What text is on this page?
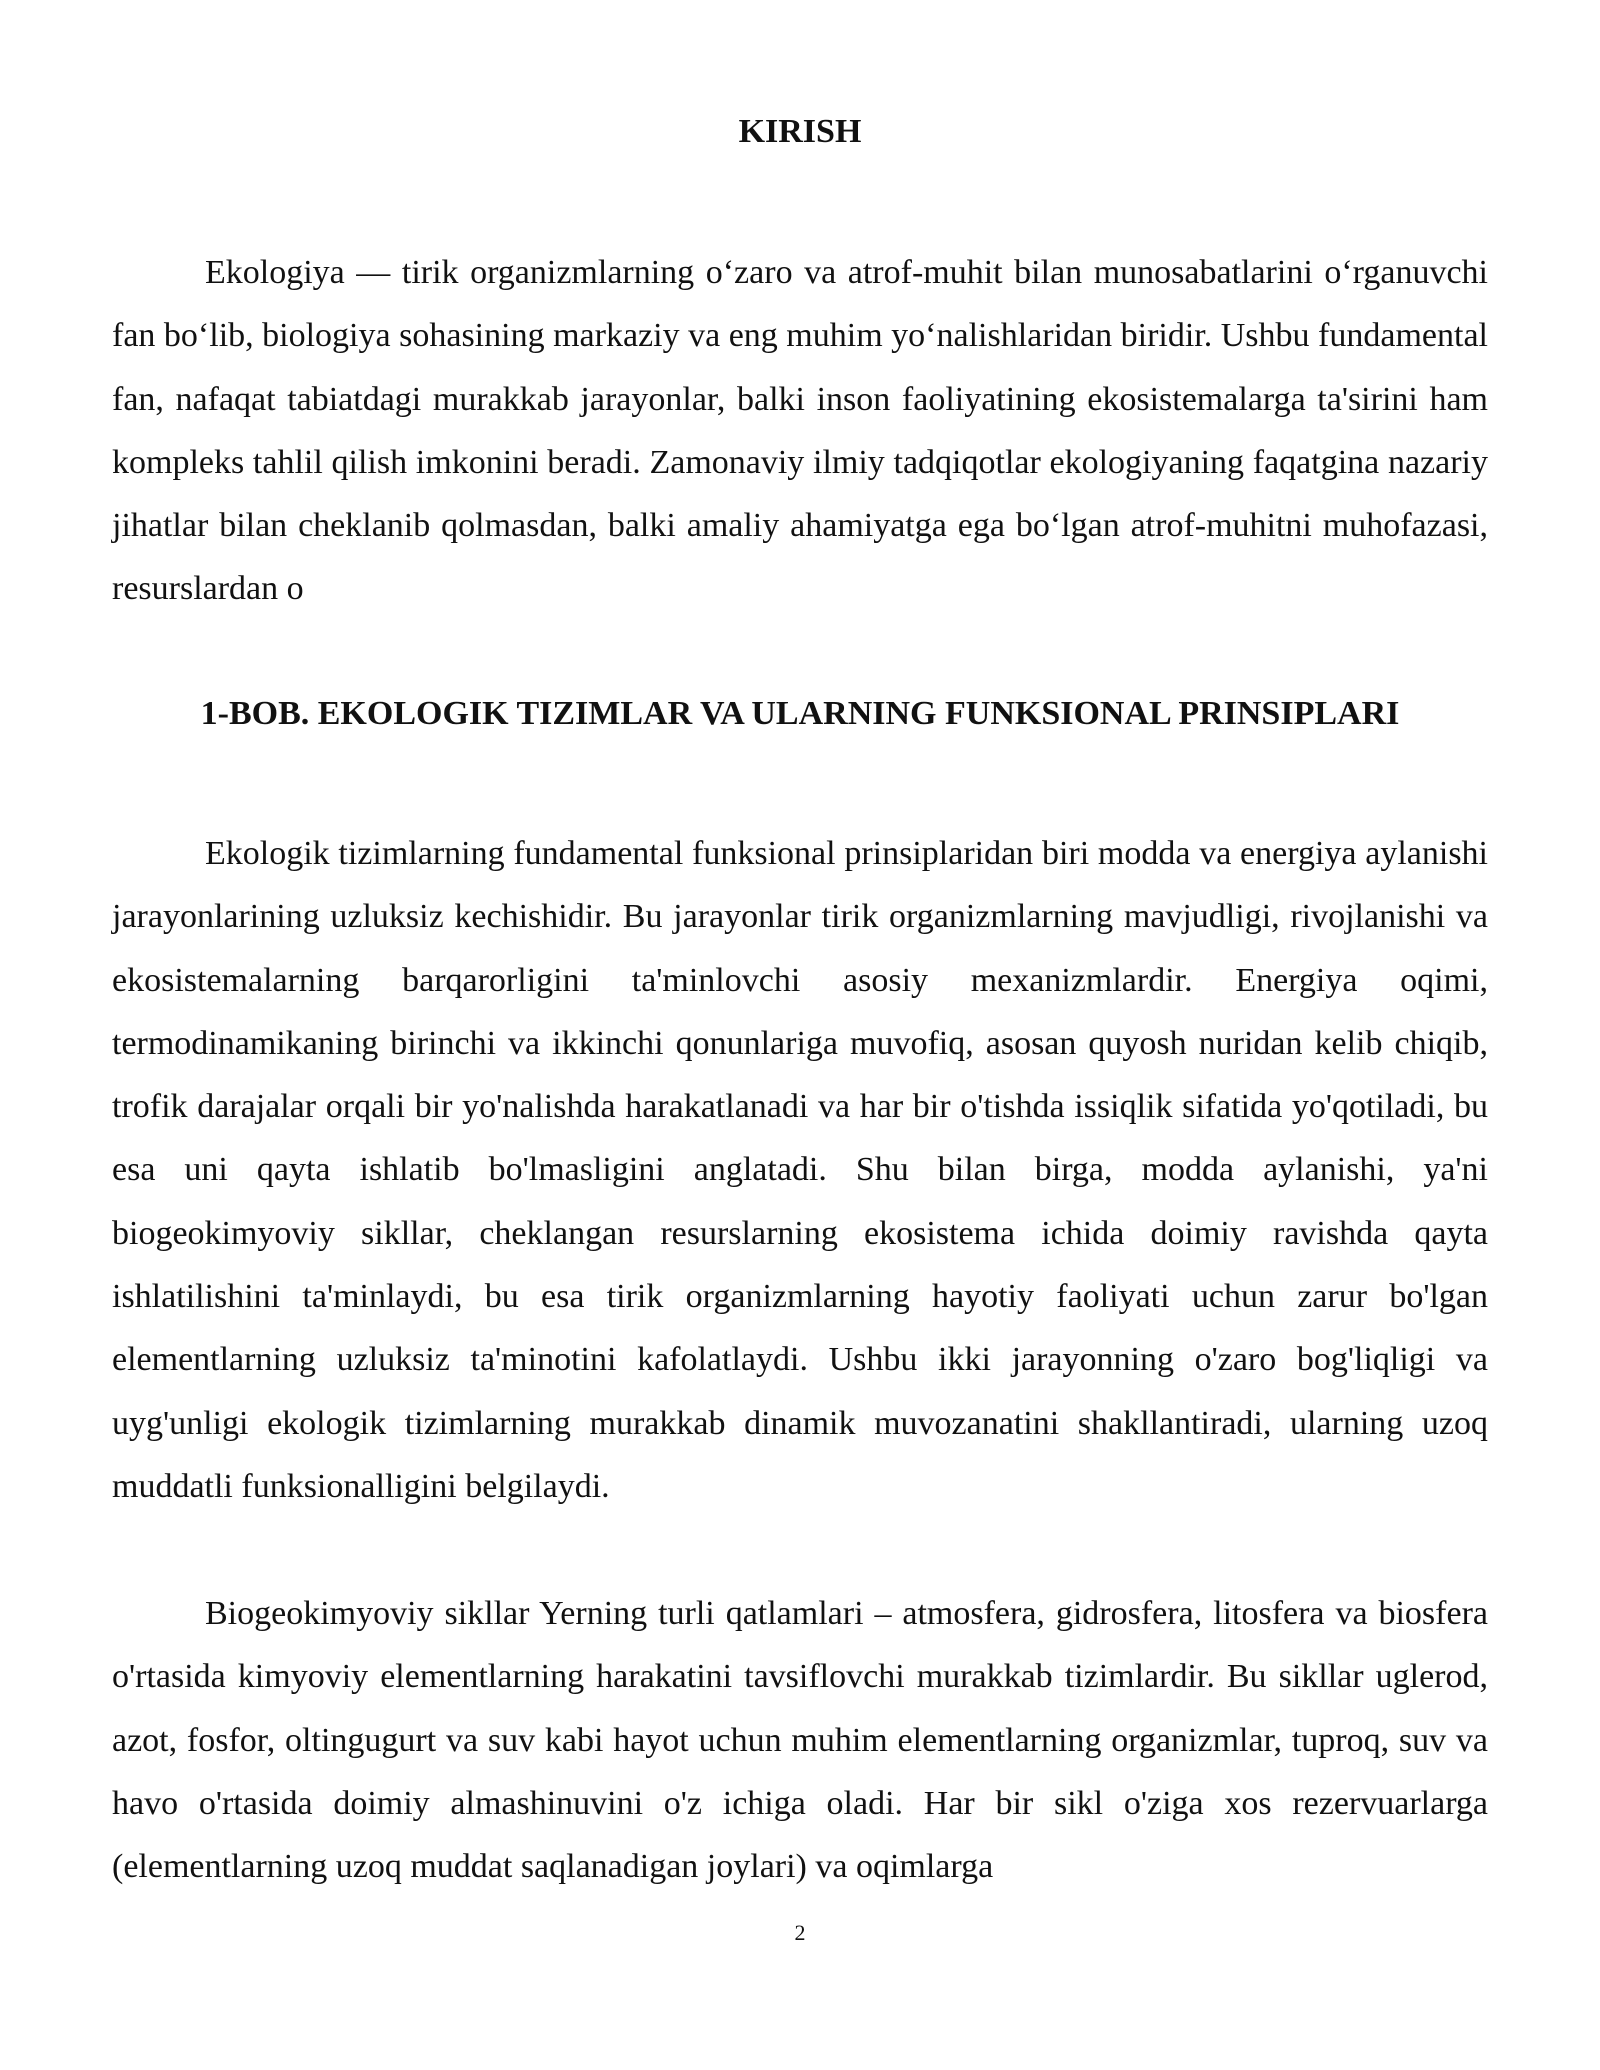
KIRISH

Ekologiya — tirik organizmlarning o‘zaro va atrof-muhit bilan munosabatlarini o‘rganuvchi fan bo‘lib, biologiya sohasining markaziy va eng muhim yo‘nalishlaridan biridir. Ushbu fundamental fan, nafaqat tabiatdagi murakkab jarayonlar, balki inson faoliyatining ekosistemalarga ta'sirini ham kompleks tahlil qilish imkonini beradi. Zamonaviy ilmiy tadqiqotlar ekologiyaning faqatgina nazariy jihatlar bilan cheklanib qolmasdan, balki amaliy ahamiyatga ega bo‘lgan atrof-muhitni muhofazasi, resurslardan o

1-BOB. EKOLOGIK TIZIMLAR VA ULARNING FUNKSIONAL PRINSIPLARI

Ekologik tizimlarning fundamental funksional prinsiplaridan biri modda va energiya aylanishi jarayonlarining uzluksiz kechishidir. Bu jarayonlar tirik organizmlarning mavjudligi, rivojlanishi va ekosistemalarning barqarorligini ta'minlovchi asosiy mexanizmlardir. Energiya oqimi, termodinamikaning birinchi va ikkinchi qonunlariga muvofiq, asosan quyosh nuridan kelib chiqib, trofik darajalar orqali bir yo'nalishda harakatlanadi va har bir o'tishda issiqlik sifatida yo'qotiladi, bu esa uni qayta ishlatib bo'lmasligini anglatadi. Shu bilan birga, modda aylanishi, ya'ni biogeokimyoviy sikllar, cheklangan resurslarning ekosistema ichida doimiy ravishda qayta ishlatilishini ta'minlaydi, bu esa tirik organizmlarning hayotiy faoliyati uchun zarur bo'lgan elementlarning uzluksiz ta'minotini kafolatlaydi. Ushbu ikki jarayonning o'zaro bog'liqligi va uyg'unligi ekologik tizimlarning murakkab dinamik muvozanatini shakllantiradi, ularning uzoq muddatli funksionalligini belgilaydi.

Biogeokimyoviy sikllar Yerning turli qatlamlari – atmosfera, gidrosfera, litosfera va biosfera o'rtasida kimyoviy elementlarning harakatini tavsiflovchi murakkab tizimlardir. Bu sikllar uglerod, azot, fosfor, oltingugurt va suv kabi hayot uchun muhim elementlarning organizmlar, tuproq, suv va havo o'rtasida doimiy almashinuvini o'z ichiga oladi. Har bir sikl o'ziga xos rezervuarlarga (elementlarning uzoq muddat saqlanadigan joylari) va oqimlarga

2
